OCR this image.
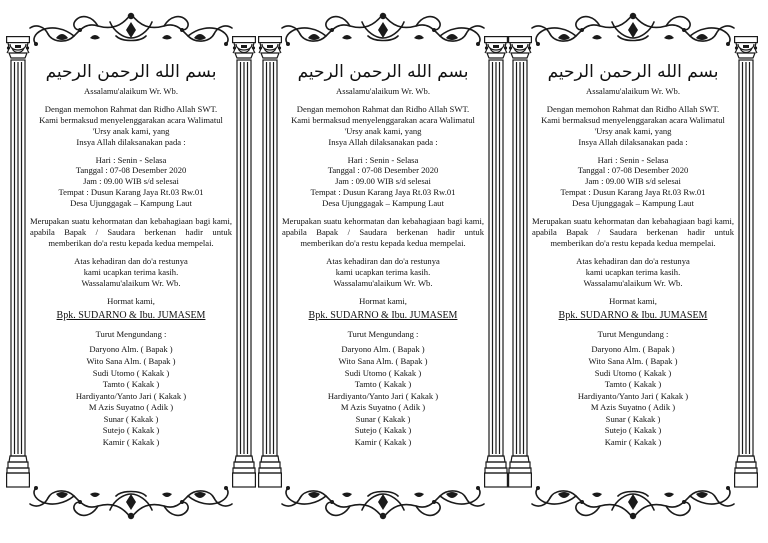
بسم الله الرحمن الرحيم
Assalamu'alaikum Wr. Wb.
Dengan memohon Rahmat dan Ridho Allah SWT.
Kami bermaksud menyelenggarakan acara Walimatul
'Ursy anak kami, yang
Insya Allah dilaksanakan pada :
Hari : Senin - Selasa
Tanggal : 07-08 Desember 2020
Jam : 09.00 WIB s/d selesai
Tempat : Dusun Karang Jaya Rt.03 Rw.01
Desa Ujunggagak – Kampung Laut
Merupakan suatu kehormatan dan kebahagiaan bagi kami, apabila Bapak / Saudara berkenan hadir untuk memberikan do'a restu kepada kedua mempelai.
Atas kehadiran dan do'a restunya
kami ucapkan terima kasih.
Wassalamu'alaikum Wr. Wb.
Hormat kami,
Bpk. SUDARNO & Ibu. JUMASEM
Turut Mengundang :
Daryono Alm. ( Bapak )
Wito Sana Alm. ( Bapak )
Sudi Utomo ( Kakak )
Tamto ( Kakak )
Hardiyanto/Yanto Jari ( Kakak )
M Azis Suyatno ( Adik )
Sunar ( Kakak )
Sutejo ( Kakak )
Kamir ( Kakak )
بسم الله الرحمن الرحيم
Assalamu'alaikum Wr. Wb.
Dengan memohon Rahmat dan Ridho Allah SWT.
Kami bermaksud menyelenggarakan acara Walimatul
'Ursy anak kami, yang
Insya Allah dilaksanakan pada :
Hari : Senin - Selasa
Tanggal : 07-08 Desember 2020
Jam : 09.00 WIB s/d selesai
Tempat : Dusun Karang Jaya Rt.03 Rw.01
Desa Ujunggagak – Kampung Laut
Merupakan suatu kehormatan dan kebahagiaan bagi kami, apabila Bapak / Saudara berkenan hadir untuk memberikan do'a restu kepada kedua mempelai.
Atas kehadiran dan do'a restunya
kami ucapkan terima kasih.
Wassalamu'alaikum Wr. Wb.
Hormat kami,
Bpk. SUDARNO & Ibu. JUMASEM
Turut Mengundang :
Daryono Alm. ( Bapak )
Wito Sana Alm. ( Bapak )
Sudi Utomo ( Kakak )
Tamto ( Kakak )
Hardiyanto/Yanto Jari ( Kakak )
M Azis Suyatno ( Adik )
Sunar ( Kakak )
Sutejo ( Kakak )
Kamir ( Kakak )
بسم الله الرحمن الرحيم
Assalamu'alaikum Wr. Wb.
Dengan memohon Rahmat dan Ridho Allah SWT.
Kami bermaksud menyelenggarakan acara Walimatul
'Ursy anak kami, yang
Insya Allah dilaksanakan pada :
Hari : Senin - Selasa
Tanggal : 07-08 Desember 2020
Jam : 09.00 WIB s/d selesai
Tempat : Dusun Karang Jaya Rt.03 Rw.01
Desa Ujunggagak – Kampung Laut
Merupakan suatu kehormatan dan kebahagiaan bagi kami, apabila Bapak / Saudara berkenan hadir untuk memberikan do'a restu kepada kedua mempelai.
Atas kehadiran dan do'a restunya
kami ucapkan terima kasih.
Wassalamu'alaikum Wr. Wb.
Hormat kami,
Bpk. SUDARNO & Ibu. JUMASEM
Turut Mengundang :
Daryono Alm. ( Bapak )
Wito Sana Alm. ( Bapak )
Sudi Utomo ( Kakak )
Tamto ( Kakak )
Hardiyanto/Yanto Jari ( Kakak )
M Azis Suyatno ( Adik )
Sunar ( Kakak )
Sutejo ( Kakak )
Kamir ( Kakak )
